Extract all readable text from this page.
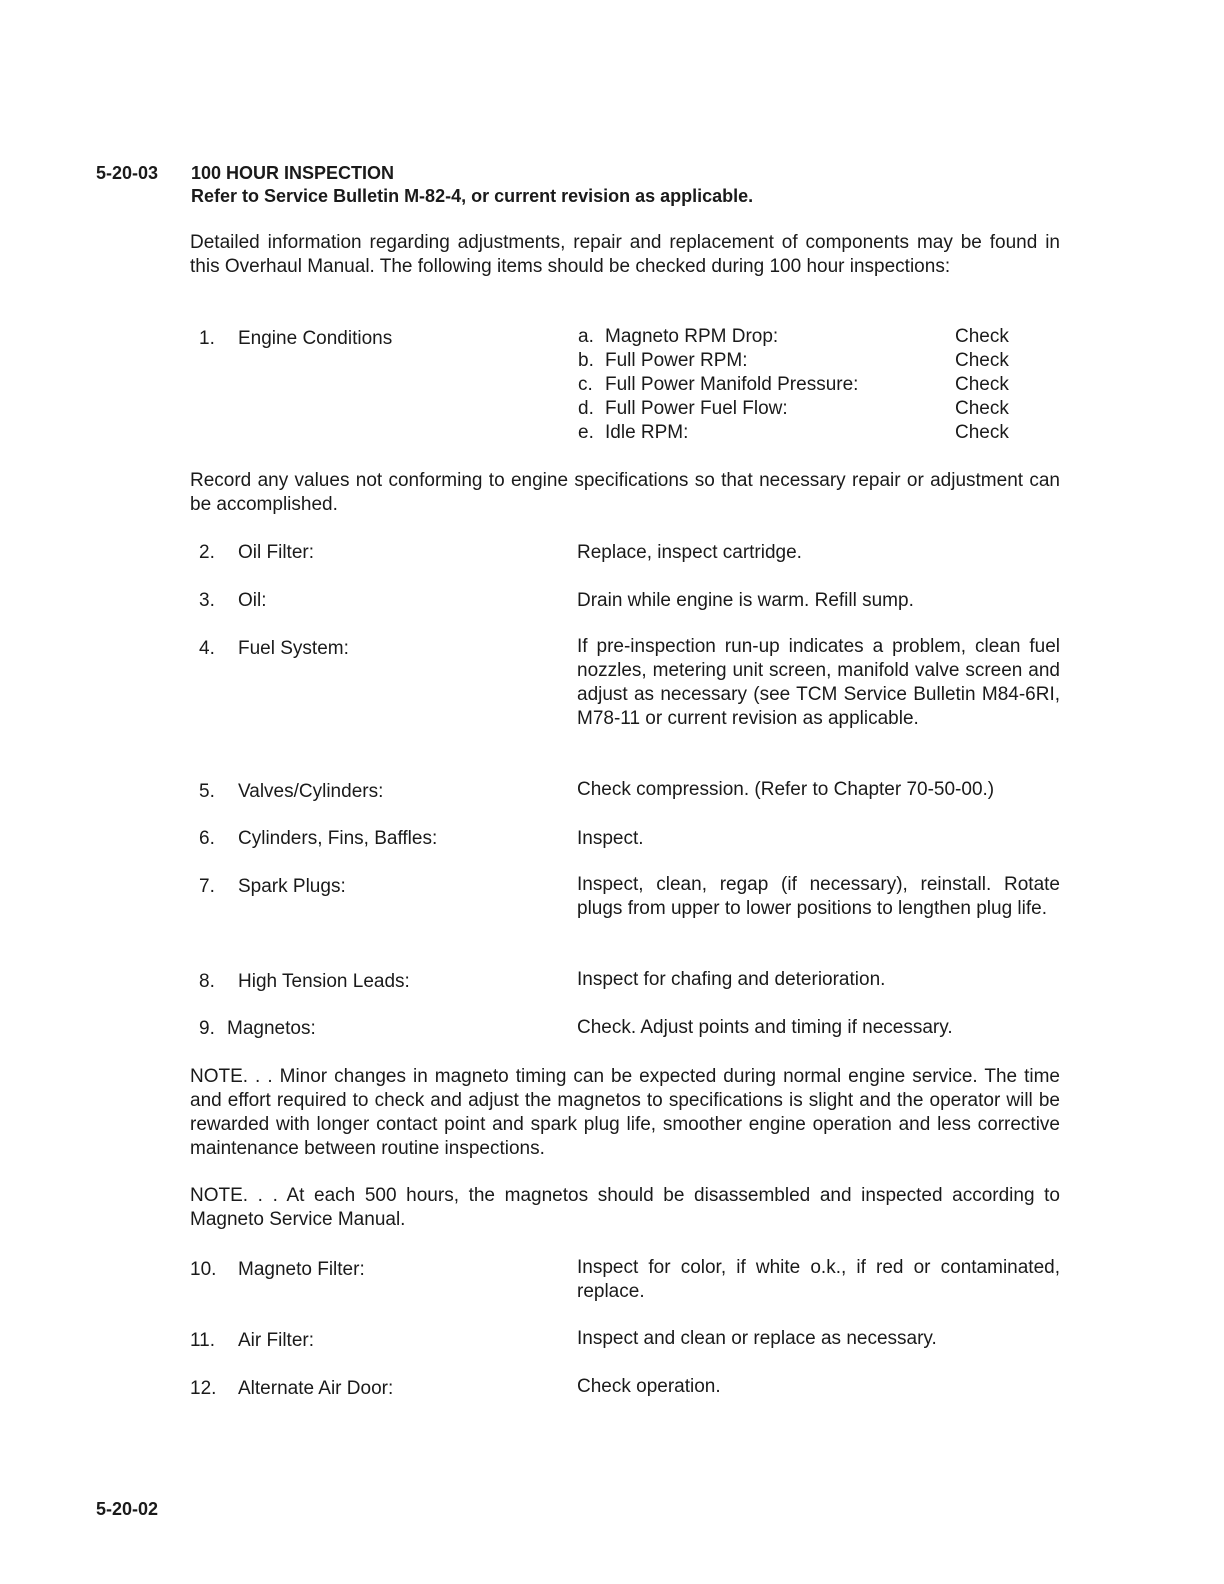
5-20-03 100 HOUR INSPECTION
Refer to Service Bulletin M-82-4, or current revision as applicable.
Detailed information regarding adjustments, repair and replacement of components may be found in this Overhaul Manual. The following items should be checked during 100 hour inspections:
1. Engine Conditions	a. Magneto RPM Drop:	Check
b. Full Power RPM:	Check
c. Full Power Manifold Pressure:	Check
d. Full Power Fuel Flow:	Check
e. Idle RPM:	Check
Record any values not conforming to engine specifications so that necessary repair or adjustment can be accomplished.
2. Oil Filter:	Replace, inspect cartridge.
3. Oil:	Drain while engine is warm. Refill sump.
4. Fuel System:	If pre-inspection run-up indicates a problem, clean fuel nozzles, metering unit screen, manifold valve screen and adjust as necessary (see TCM Service Bulletin M84-6RI, M78-11 or current revision as applicable.
5. Valves/Cylinders:	Check compression. (Refer to Chapter 70-50-00.)
6. Cylinders, Fins, Baffles:	Inspect.
7. Spark Plugs:	Inspect, clean, regap (if necessary), reinstall. Rotate plugs from upper to lower positions to lengthen plug life.
8. High Tension Leads:	Inspect for chafing and deterioration.
9. Magnetos:	Check. Adjust points and timing if necessary.
NOTE. . . Minor changes in magneto timing can be expected during normal engine service. The time and effort required to check and adjust the magnetos to specifications is slight and the operator will be rewarded with longer contact point and spark plug life, smoother engine operation and less corrective maintenance between routine inspections.
NOTE. . . At each 500 hours, the magnetos should be disassembled and inspected according to Magneto Service Manual.
10. Magneto Filter:	Inspect for color, if white o.k., if red or contaminated, replace.
11. Air Filter:	Inspect and clean or replace as necessary.
12. Alternate Air Door:	Check operation.
5-20-02
